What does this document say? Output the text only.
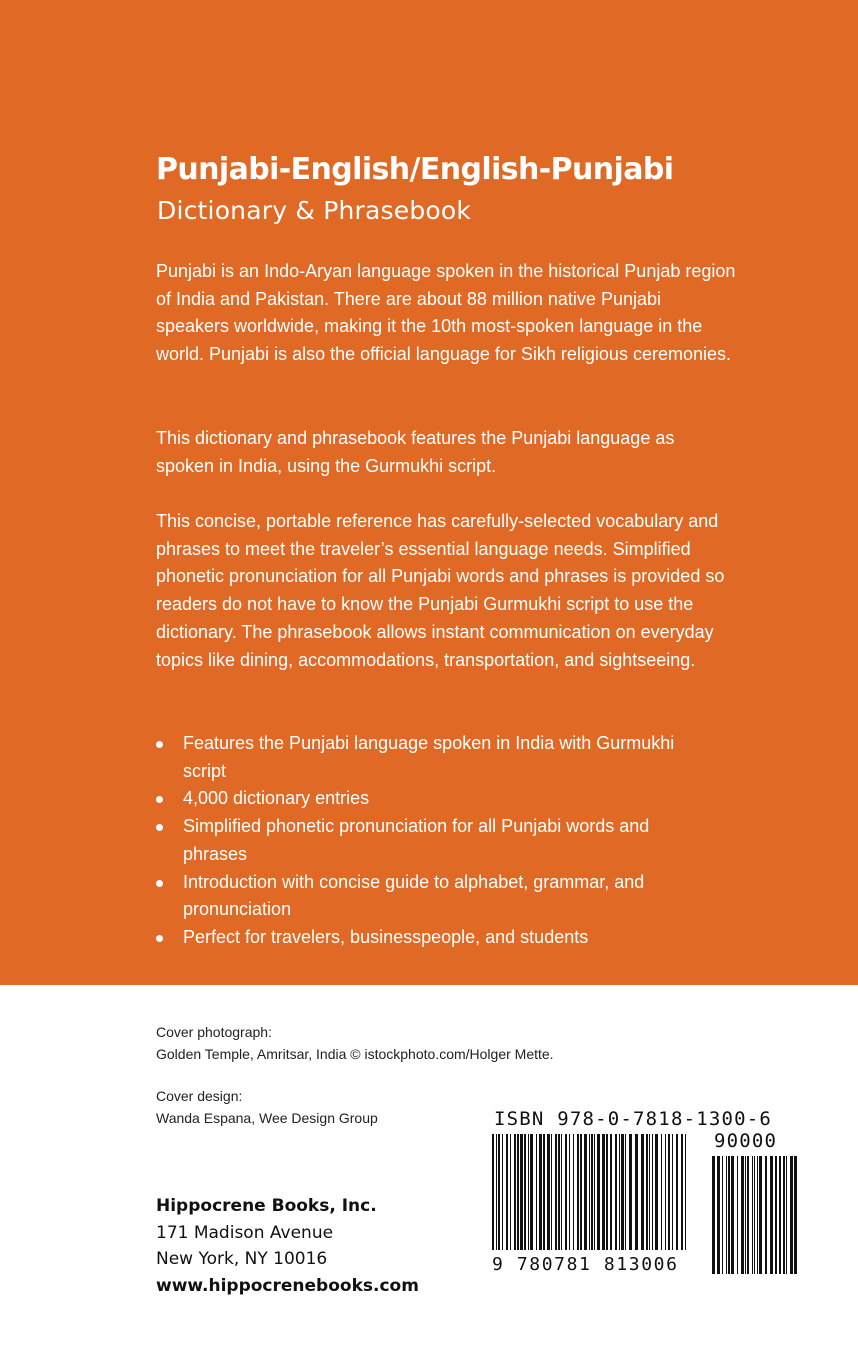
Punjabi-English/English-Punjabi
Dictionary & Phrasebook
Punjabi is an Indo-Aryan language spoken in the historical Punjab region of India and Pakistan. There are about 88 million native Punjabi speakers worldwide, making it the 10th most-spoken language in the world. Punjabi is also the official language for Sikh religious ceremonies.
This dictionary and phrasebook features the Punjabi language as spoken in India, using the Gurmukhi script.
This concise, portable reference has carefully-selected vocabulary and phrases to meet the traveler’s essential language needs. Simplified phonetic pronunciation for all Punjabi words and phrases is provided so readers do not have to know the Punjabi Gurmukhi script to use the dictionary. The phrasebook allows instant communication on everyday topics like dining, accommodations, transportation, and sightseeing.
Features the Punjabi language spoken in India with Gurmukhi script
4,000 dictionary entries
Simplified phonetic pronunciation for all Punjabi words and phrases
Introduction with concise guide to alphabet, grammar, and pronunciation
Perfect for travelers, businesspeople, and students
Cover photograph:
Golden Temple, Amritsar, India © istockphoto.com/Holger Mette.
Cover design:
Wanda Espana, Wee Design Group
Hippocrene Books, Inc.
171 Madison Avenue
New York, NY 10016
www.hippocrenebooks.com
ISBN 978-0-7818-1300-6
90000
9 780781 813006
